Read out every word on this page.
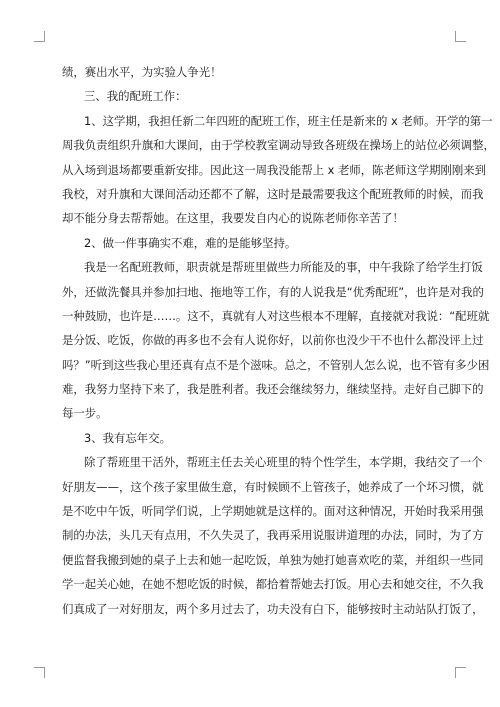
绩，赛出水平，为实验人争光！
三、我的配班工作：
1、这学期，我担任新二年四班的配班工作，班主任是新来的 x 老师。开学的第一
周我负责组织升旗和大课间，由于学校教室调动导致各班级在操场上的站位必须调整，
从入场到退场都要重新安排。因此这一周我没能帮上 x 老师，陈老师这学期刚刚来到
我校，对升旗和大课间活动还都不了解，这时是最需要我这个配班教师的时候，而我
却不能分身去帮帮她。在这里，我要发自内心的说陈老师你辛苦了！
2、做一件事确实不难，难的是能够坚持。
我是一名配班教师，职责就是帮班里做些力所能及的事，中午我除了给学生打饭
外，还做洗餐具并参加扫地、拖地等工作，有的人说我是“优秀配班”，也许是对我的
一种鼓励，也许是……。这不，真就有人对这些根本不理解，直接就对我说：“配班就
是分饭、吃饭，你做的再多也不会有人说你好，以前你也没少干不也什么都没评上过
吗？”听到这些我心里还真有点不是个滋味。总之，不管别人怎么说，也不管有多少困
难，我努力坚持下来了，我是胜利者。我还会继续努力，继续坚持。走好自己脚下的
每一步。
3、我有忘年交。
除了帮班里干活外，帮班主任去关心班里的特个性学生，本学期，我结交了一个
好朋友——，这个孩子家里做生意，有时候顾不上管孩子，她养成了一个坏习惯，就
是不吃中午饭，听同学们说，上学期她就是这样的。面对这种情况，开始时我采用强
制的办法，头几天有点用，不久失灵了，我再采用说服讲道理的办法，同时，为了方
便监督我搬到她的桌子上去和她一起吃饭，单独为她打她喜欢吃的菜，并组织一些同
学一起关心她，在她不想吃饭的时候，都拾着帮她去打饭。用心去和她交往，不久我
们真成了一对好朋友，两个多月过去了，功夫没有白下，能够按时主动站队打饭了，
